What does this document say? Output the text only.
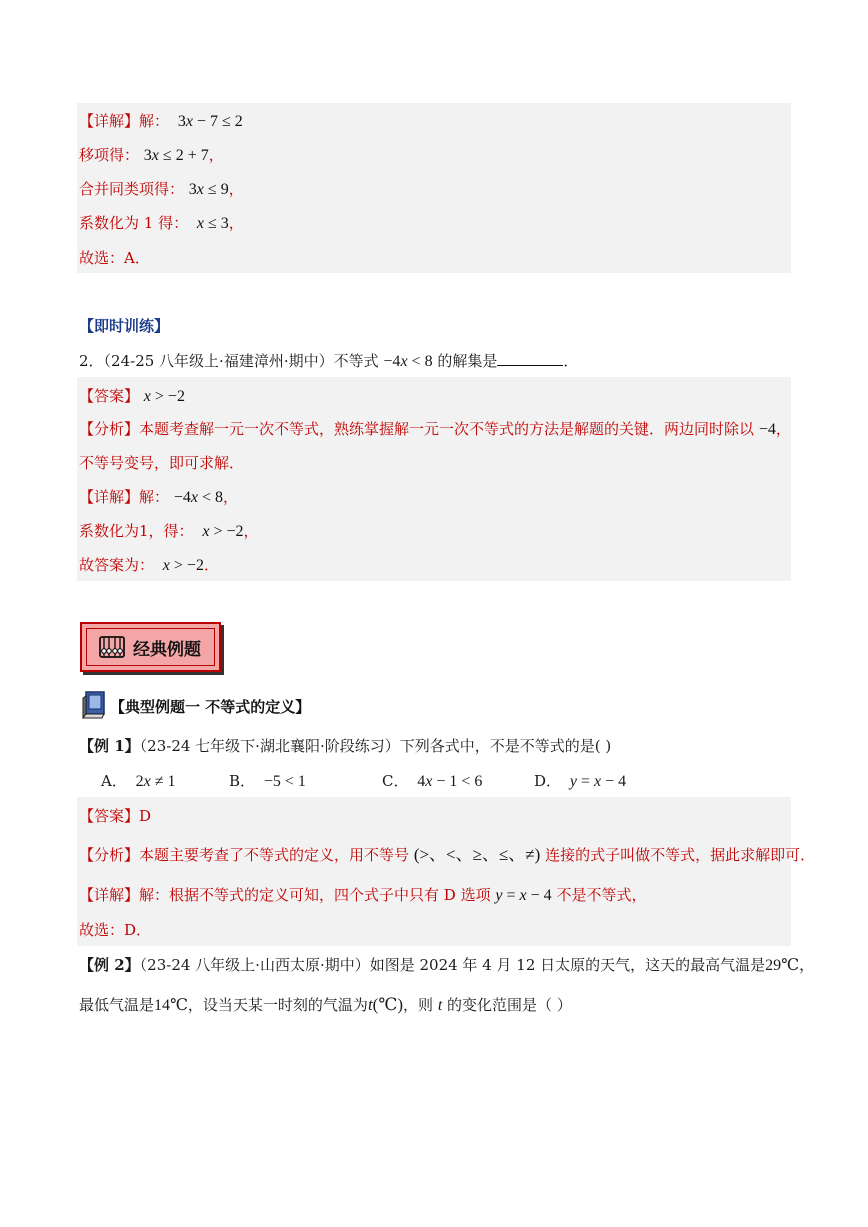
【详解】解：  3x − 7 ≤ 2
移项得： 3x ≤ 2 + 7，
合并同类项得： 3x ≤ 9，
系数化为 1 得： x ≤ 3，
故选：A．
【即时训练】
2．（24-25 八年级上·福建漳州·期中）不等式 −4x < 8 的解集是	．
【答案】 x > −2
【分析】本题考查解一元一次不等式，熟练掌握解一元一次不等式的方法是解题的关键．两边同时除以 −4，
不等号变号，即可求解．
【详解】解： −4x < 8，
系数化为1，得： x > −2，
故答案为： x > −2．
经典例题
【典型例题一 不等式的定义】
【例 1】（23-24 七年级下·湖北襄阳·阶段练习）下列各式中，不是不等式的是( )
A．  2x ≠ 1	B．  −5 < 1	C．  4x − 1 < 6	D． y = x − 4
【答案】D
【分析】本题主要考查了不等式的定义，用不等号 (>、<、≥、≤、≠) 连接的式子叫做不等式，据此求解即可．
【详解】解：根据不等式的定义可知，四个式子中只有 D 选项 y = x − 4 不是不等式，
故选：D．
【例 2】（23-24 八年级上·山西太原·期中）如图是 2024 年 4 月 12 日太原的天气，这天的最高气温是29℃，
最低气温是14℃，设当天某一时刻的气温为t(℃)，则 t 的变化范围是（ ）
